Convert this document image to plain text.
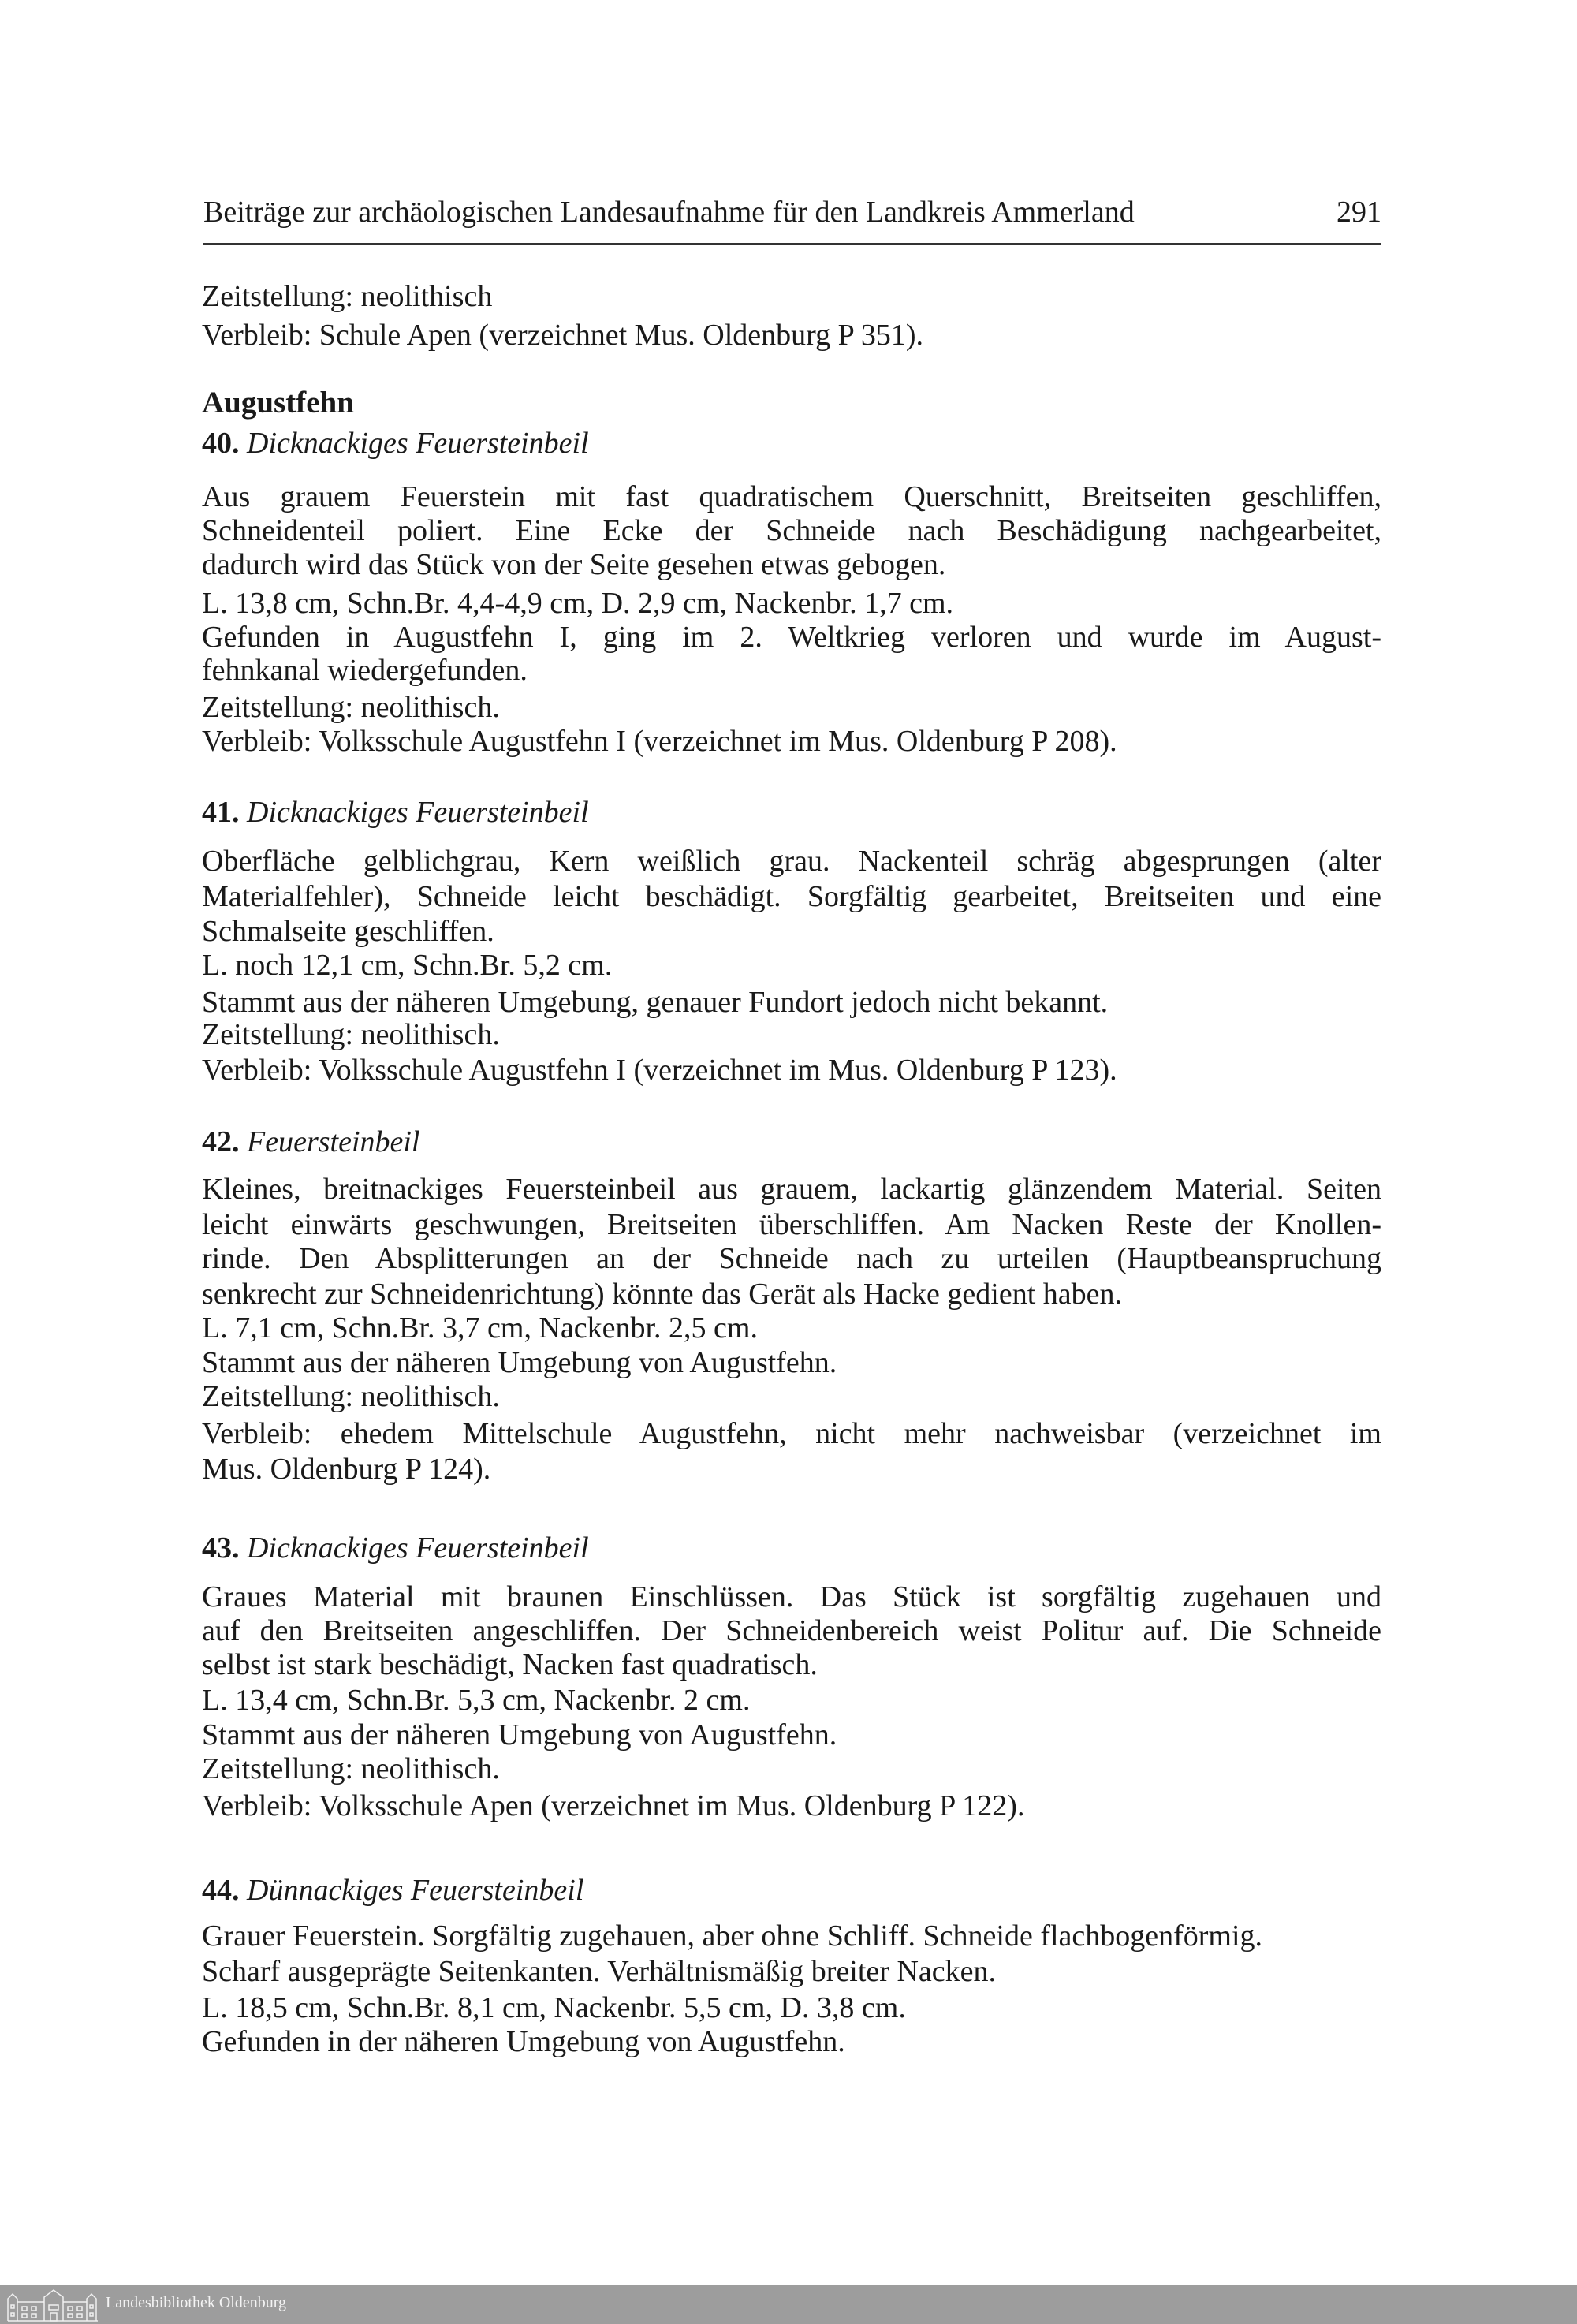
Beiträge zur archäologischen Landesaufnahme für den Landkreis Ammerland	291
Zeitstellung: neolithisch
Verbleib: Schule Apen (verzeichnet Mus. Oldenburg P 351).
Augustfehn
40. Dicknackiges Feuersteinbeil
Aus grauem Feuerstein mit fast quadratischem Querschnitt, Breitseiten geschliffen,
Schneidenteil poliert. Eine Ecke der Schneide nach Beschädigung nachgearbeitet,
dadurch wird das Stück von der Seite gesehen etwas gebogen.
L. 13,8 cm, Schn.Br. 4,4-4,9 cm, D. 2,9 cm, Nackenbr. 1,7 cm.
Gefunden in Augustfehn I, ging im 2. Weltkrieg verloren und wurde im August-
fehnkanal wiedergefunden.
Zeitstellung: neolithisch.
Verbleib: Volksschule Augustfehn I (verzeichnet im Mus. Oldenburg P 208).
41. Dicknackiges Feuersteinbeil
Oberfläche gelblichgrau, Kern weißlich grau. Nackenteil schräg abgesprungen (alter
Materialfehler), Schneide leicht beschädigt. Sorgfältig gearbeitet, Breitseiten und eine
Schmalseite geschliffen.
L. noch 12,1 cm, Schn.Br. 5,2 cm.
Stammt aus der näheren Umgebung, genauer Fundort jedoch nicht bekannt.
Zeitstellung: neolithisch.
Verbleib: Volksschule Augustfehn I (verzeichnet im Mus. Oldenburg P 123).
42. Feuersteinbeil
Kleines, breitnackiges Feuersteinbeil aus grauem, lackartig glänzendem Material. Seiten
leicht einwärts geschwungen, Breitseiten überschliffen. Am Nacken Reste der Knollen-
rinde. Den Absplitterungen an der Schneide nach zu urteilen (Hauptbeanspruchung
senkrecht zur Schneidenrichtung) könnte das Gerät als Hacke gedient haben.
L. 7,1 cm, Schn.Br. 3,7 cm, Nackenbr. 2,5 cm.
Stammt aus der näheren Umgebung von Augustfehn.
Zeitstellung: neolithisch.
Verbleib: ehedem Mittelschule Augustfehn, nicht mehr nachweisbar (verzeichnet im
Mus. Oldenburg P 124).
43. Dicknackiges Feuersteinbeil
Graues Material mit braunen Einschlüssen. Das Stück ist sorgfältig zugehauen und
auf den Breitseiten angeschliffen. Der Schneidenbereich weist Politur auf. Die Schneide
selbst ist stark beschädigt, Nacken fast quadratisch.
L. 13,4 cm, Schn.Br. 5,3 cm, Nackenbr. 2 cm.
Stammt aus der näheren Umgebung von Augustfehn.
Zeitstellung: neolithisch.
Verbleib: Volksschule Apen (verzeichnet im Mus. Oldenburg P 122).
44. Dünnackiges Feuersteinbeil
Grauer Feuerstein. Sorgfältig zugehauen, aber ohne Schliff. Schneide flachbogenförmig.
Scharf ausgeprägte Seitenkanten. Verhältnismäßig breiter Nacken.
L. 18,5 cm, Schn.Br. 8,1 cm, Nackenbr. 5,5 cm, D. 3,8 cm.
Gefunden in der näheren Umgebung von Augustfehn.
Landesbibliothek Oldenburg
